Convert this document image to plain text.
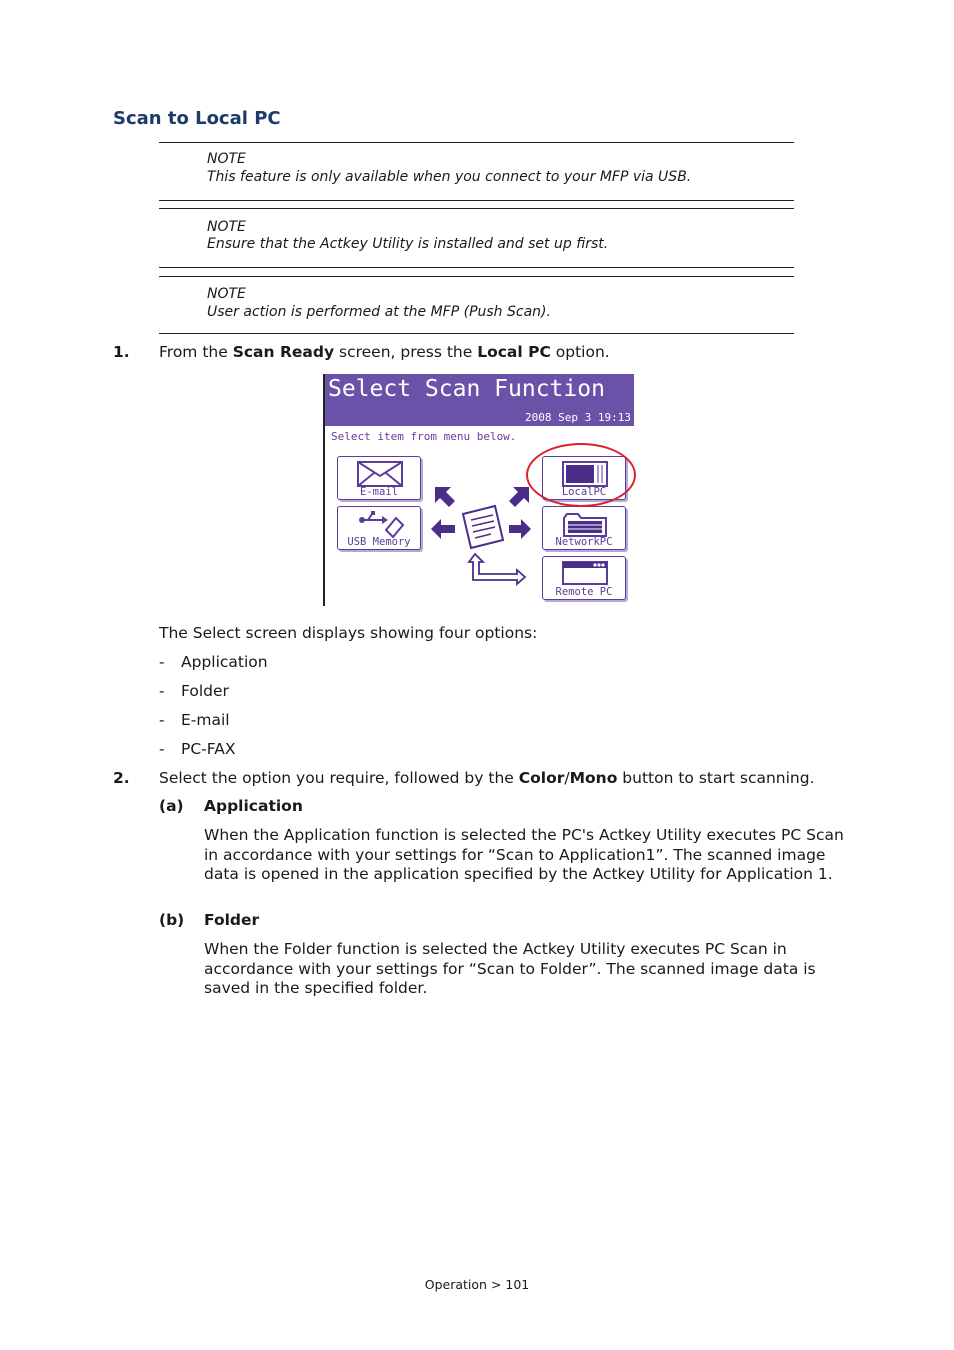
Scan to Local PC
NOTE
This feature is only available when you connect to your MFP via USB.
NOTE
Ensure that the Actkey Utility is installed and set up first.
NOTE
User action is performed at the MFP (Push Scan).
1. From the Scan Ready screen, press the Local PC option.
Select Scan Function
2008 Sep 3 19:13
Select item from menu below.
E-mail
USB Memory
LocalPC
NetworkPC
Remote PC
The Select screen displays showing four options:
- Application
- Folder
- E-mail
- PC-FAX
2. Select the option you require, followed by the Color/Mono button to start scanning.
(a) Application
When the Application function is selected the PC's Actkey Utility executes PC Scan in accordance with your settings for “Scan to Application1”. The scanned image data is opened in the application specified by the Actkey Utility for Application 1.
(b) Folder
When the Folder function is selected the Actkey Utility executes PC Scan in accordance with your settings for “Scan to Folder”. The scanned image data is saved in the specified folder.
Operation > 101
